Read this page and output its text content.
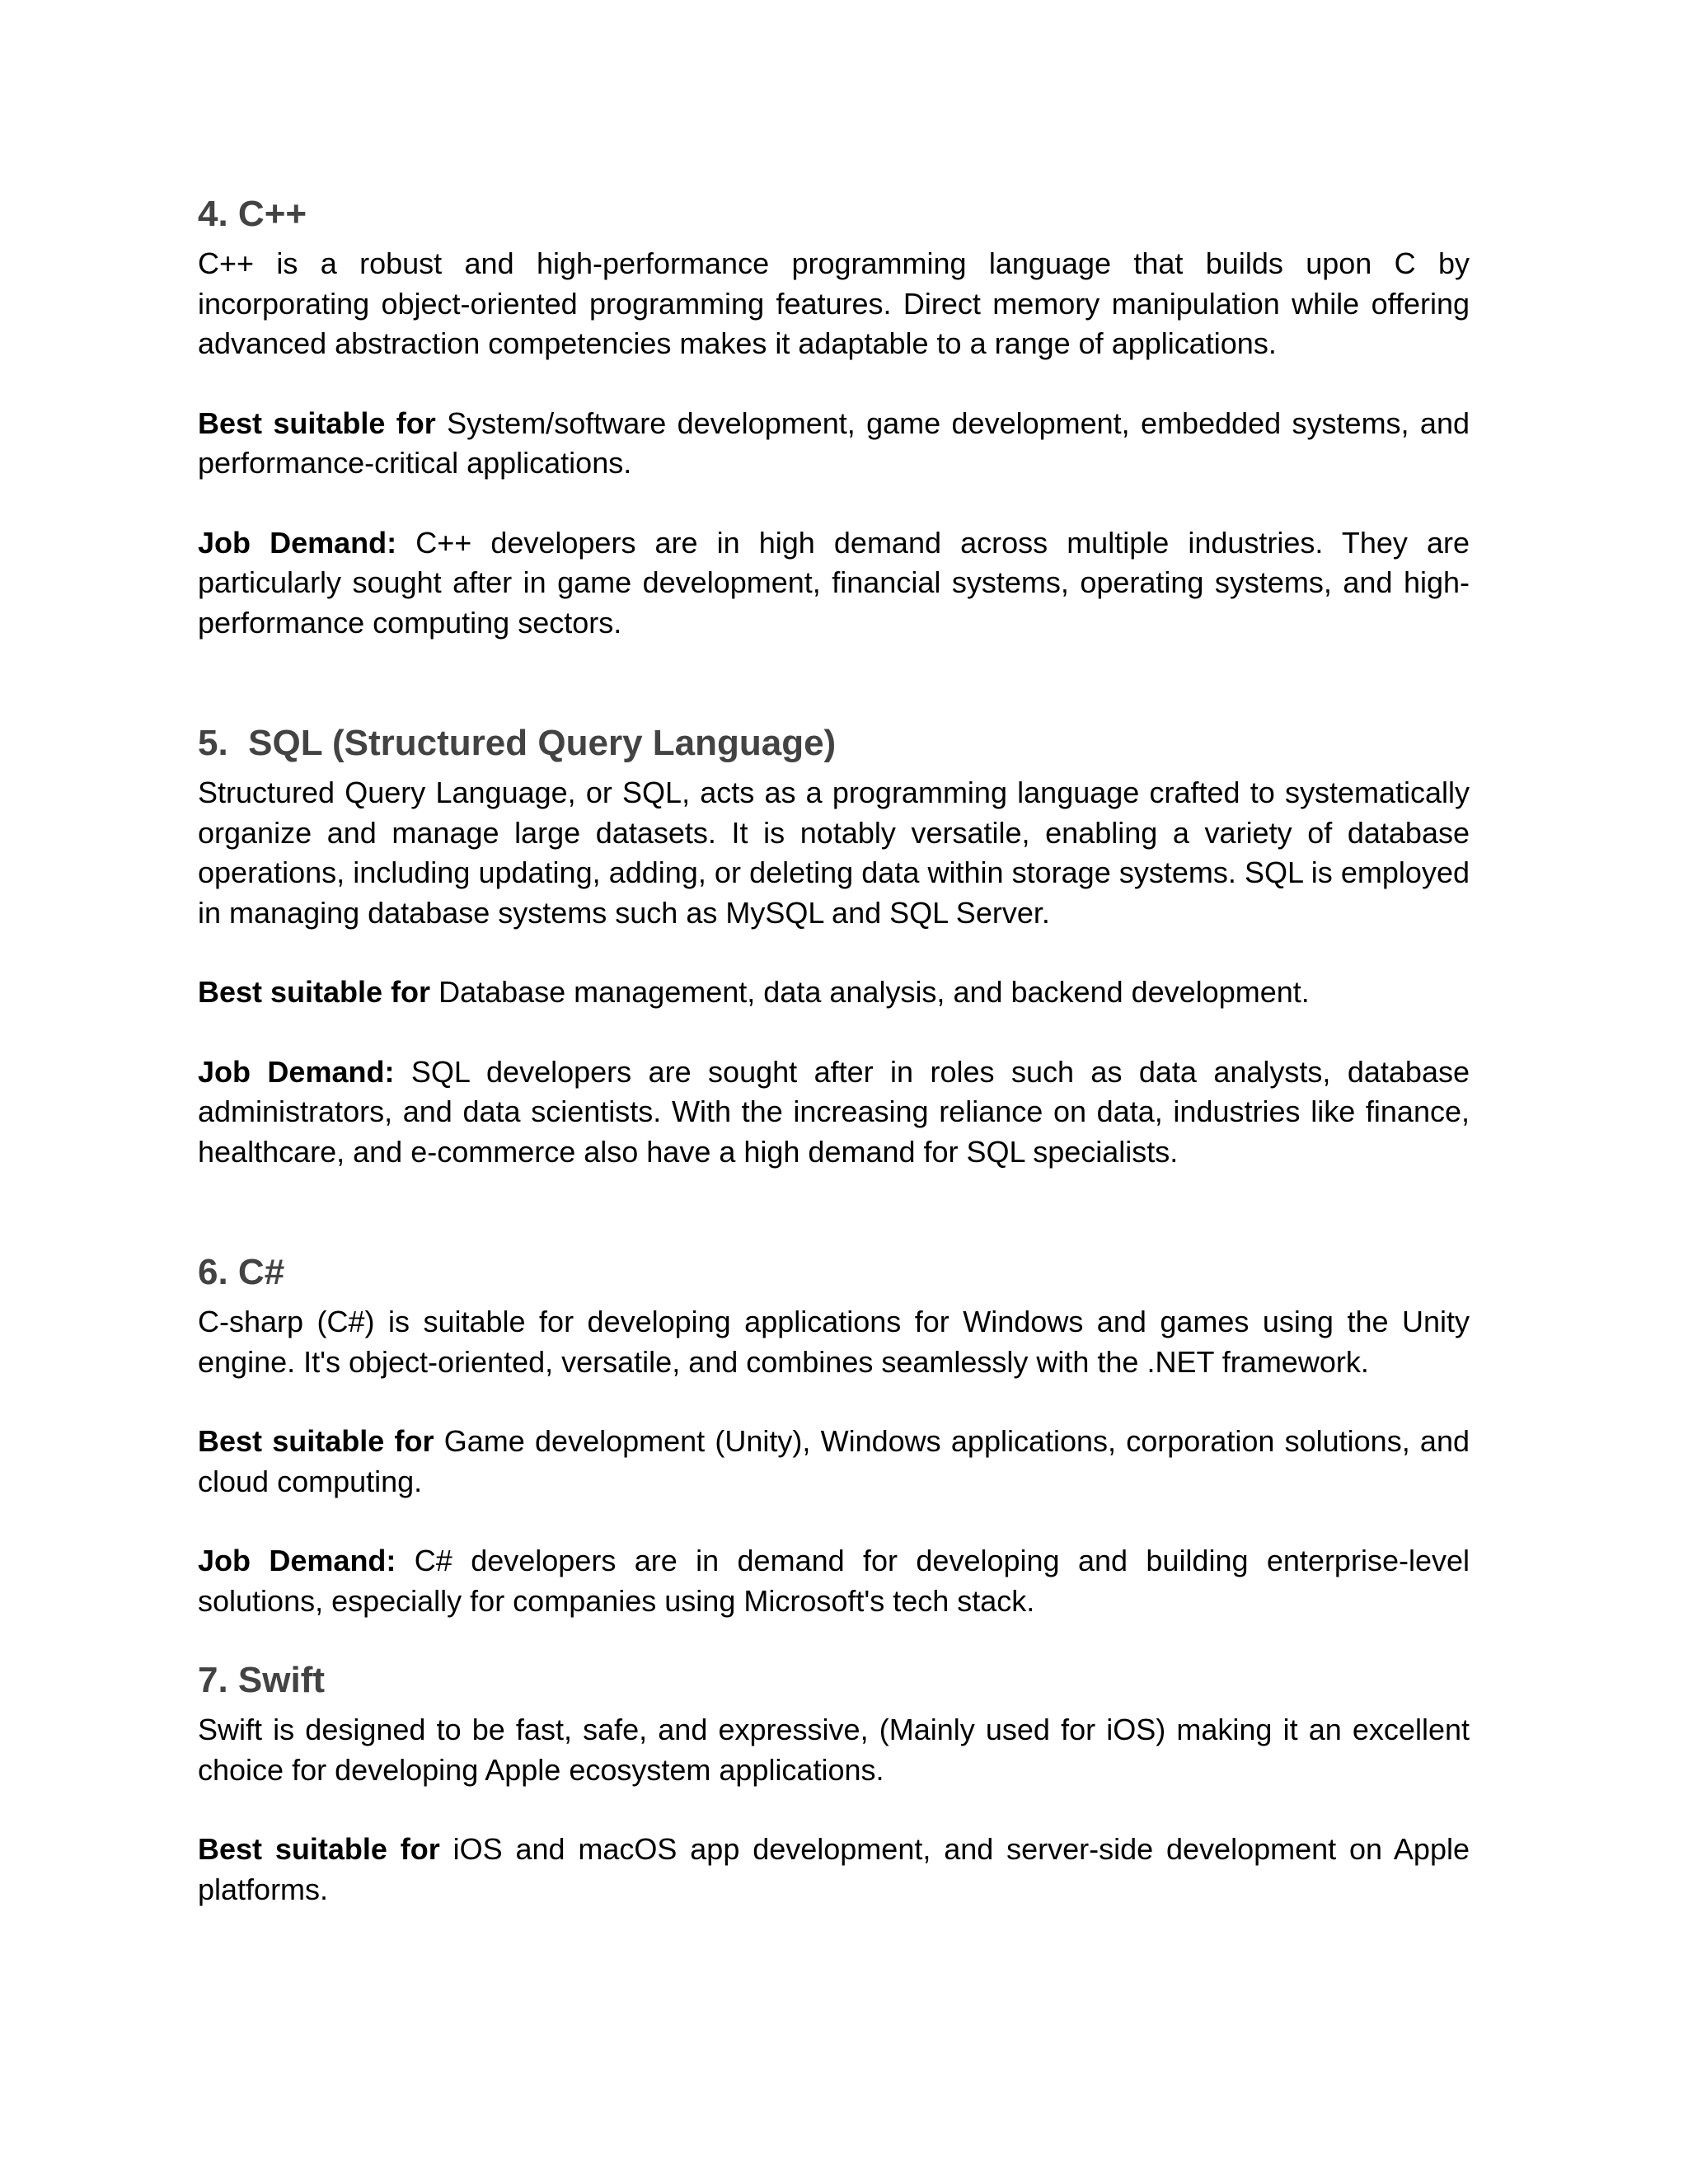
4. C++

C++ is a robust and high-performance programming language that builds upon C by incorporating object-oriented programming features. Direct memory manipulation while offering advanced abstraction competencies makes it adaptable to a range of applications.

Best suitable for System/software development, game development, embedded systems, and performance-critical applications.

Job Demand: C++ developers are in high demand across multiple industries. They are particularly sought after in game development, financial systems, operating systems, and high-performance computing sectors.

5.  SQL (Structured Query Language)

Structured Query Language, or SQL, acts as a programming language crafted to systematically organize and manage large datasets. It is notably versatile, enabling a variety of database operations, including updating, adding, or deleting data within storage systems. SQL is employed in managing database systems such as MySQL and SQL Server.

Best suitable for Database management, data analysis, and backend development.

Job Demand: SQL developers are sought after in roles such as data analysts, database administrators, and data scientists. With the increasing reliance on data, industries like finance, healthcare, and e-commerce also have a high demand for SQL specialists.

6. C#

C-sharp (C#) is suitable for developing applications for Windows and games using the Unity engine. It's object-oriented, versatile, and combines seamlessly with the .NET framework.

Best suitable for Game development (Unity), Windows applications, corporation solutions, and cloud computing.

Job Demand: C# developers are in demand for developing and building enterprise-level solutions, especially for companies using Microsoft's tech stack.

7. Swift

Swift is designed to be fast, safe, and expressive, (Mainly used for iOS) making it an excellent choice for developing Apple ecosystem applications.

Best suitable for iOS and macOS app development, and server-side development on Apple platforms.
